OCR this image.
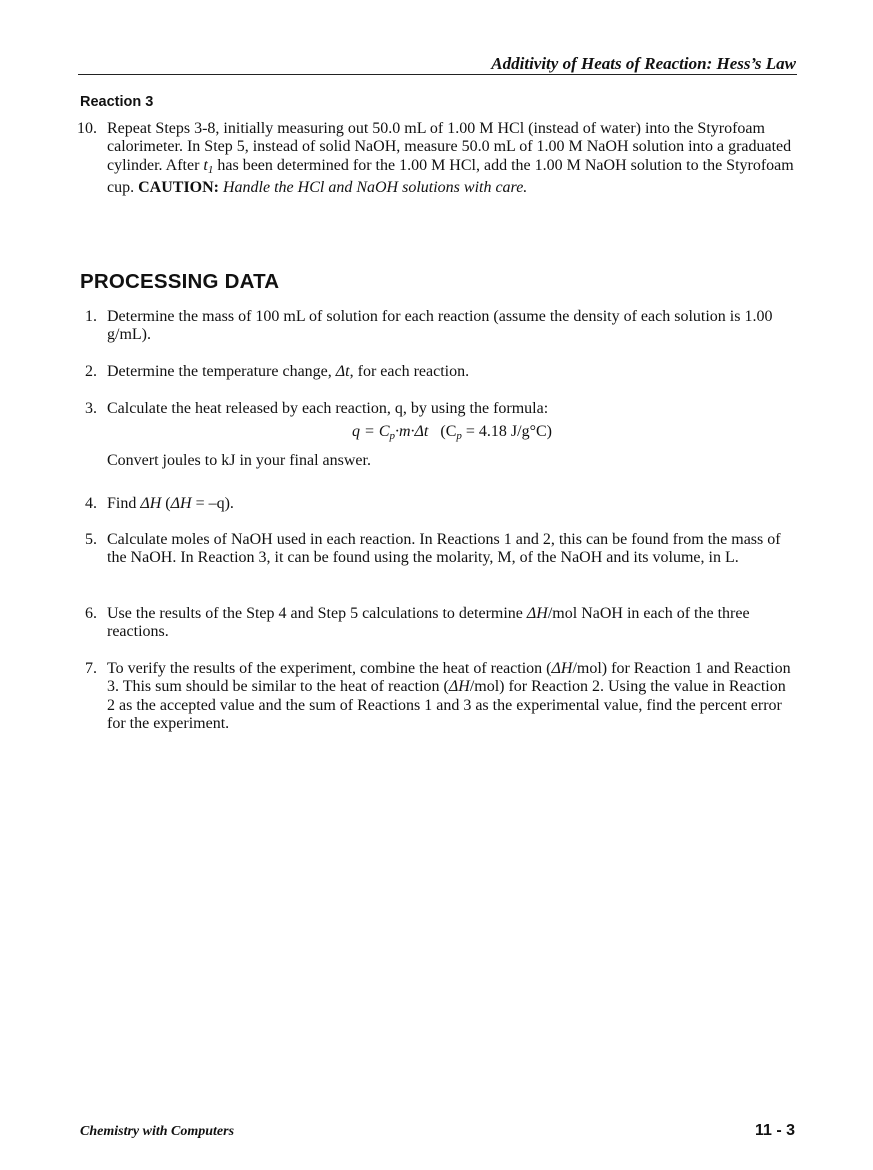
Additivity of Heats of Reaction: Hess’s Law
Reaction 3
10. Repeat Steps 3-8, initially measuring out 50.0 mL of 1.00 M HCl (instead of water) into the Styrofoam calorimeter. In Step 5, instead of solid NaOH, measure 50.0 mL of 1.00 M NaOH solution into a graduated cylinder. After $t_1$ has been determined for the 1.00 M HCl, add the 1.00 M NaOH solution to the Styrofoam cup. CAUTION: Handle the HCl and NaOH solutions with care.
PROCESSING DATA
1. Determine the mass of 100 mL of solution for each reaction (assume the density of each solution is 1.00 g/mL).
2. Determine the temperature change, Δt, for each reaction.
3. Calculate the heat released by each reaction, q, by using the formula:
$q = C_p\cdot m\cdot\Delta t$ ($C_p = 4.18$ J/g°C)
Convert joules to kJ in your final answer.
4. Find ΔH (ΔH = –q).
5. Calculate moles of NaOH used in each reaction. In Reactions 1 and 2, this can be found from the mass of the NaOH. In Reaction 3, it can be found using the molarity, M, of the NaOH and its volume, in L.
6. Use the results of the Step 4 and Step 5 calculations to determine ΔH/mol NaOH in each of the three reactions.
7. To verify the results of the experiment, combine the heat of reaction (ΔH/mol) for Reaction 1 and Reaction 3. This sum should be similar to the heat of reaction (ΔH/mol) for Reaction 2. Using the value in Reaction 2 as the accepted value and the sum of Reactions 1 and 3 as the experimental value, find the percent error for the experiment.
Chemistry with Computers	11 - 3
